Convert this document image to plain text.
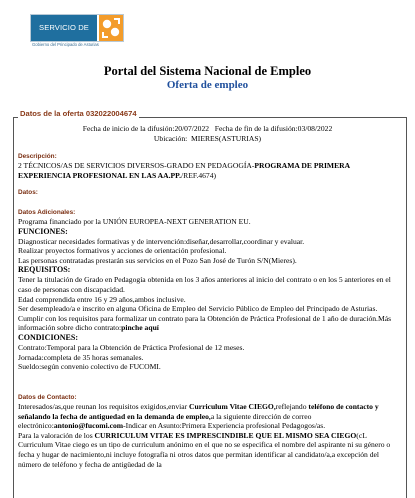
SERVICIO DE EMPLEO
Gobierno del Principado de Asturias
Portal del Sistema Nacional de Empleo
Oferta de empleo
Datos de la oferta 032022004674
Fecha de inicio de la difusión:20/07/2022   Fecha de fin de la difusión:03/08/2022
Ubicación:  MIERES(ASTURIAS)
Descripción:
2 TÉCNICOS/AS DE SERVICIOS DIVERSOS-GRADO EN PEDAGOGÍA-PROGRAMA DE PRIMERA EXPERIENCIA PROFESIONAL EN LAS AA.PP./REF.4674)
Datos:
Datos Adicionales:
Programa financiado por la UNIÓN EUROPEA-NEXT GENERATION EU.
FUNCIONES:
Diagnosticar necesidades formativas y de intervención:diseñar,desarrollar,coordinar y evaluar.
Realizar proyectos formativos y acciones de orientación profesional.
Las personas contratadas prestarán sus servicios en el Pozo San José de Turón S/N(Mieres).
REQUISITOS:
Tener la titulación de Grado en Pedagogía obtenida en los 3 años anteriores al inicio del contrato o en los 5 anteriores en el caso de personas con discapacidad.
Edad comprendida entre 16 y 29 años,ambos inclusive.
Ser desempleado/a e inscrito en alguna Oficina de Empleo del Servicio Público de Empleo del Principado de Asturias.
Cumplir con los requisitos para formalizar un contrato para la Obtención de Práctica Profesional de 1 año de duración.Más información sobre dicho contrato:pinche aquí
CONDICIONES:
Contrato:Temporal para la Obtención de Práctica Profesional de 12 meses.
Jornada:completa de 35 horas semanales.
Sueldo:según convenio colectivo de FUCOMI.
Datos de Contacto:
Interesados/as,que reunan los requisitos exigidos,enviar Curriculum Vitae CIEGO,reflejando teléfono de contacto y señalando la fecha de antiguedad en la demanda de empleo,a la siguiente dirección de correo electrónico:antonio@fucomi.com-Indicar en Asunto:Primera Experiencia profesional Pedagogos/as.
Para la valoración de los CURRICULUM VITAE ES IMPRESCINDIBLE QUE EL MISMO SEA CIEGO(cL Curriculum Vitae ciego es un tipo de curriculum anónimo en el que no se especifica el nombre del aspirante ni su género o fecha y hugar de nacimiento,ni incluye fotografía ni otros datos que permitan identificar al candidato/a,a excepción del número de teléfono y fecha de antigüedad de la
